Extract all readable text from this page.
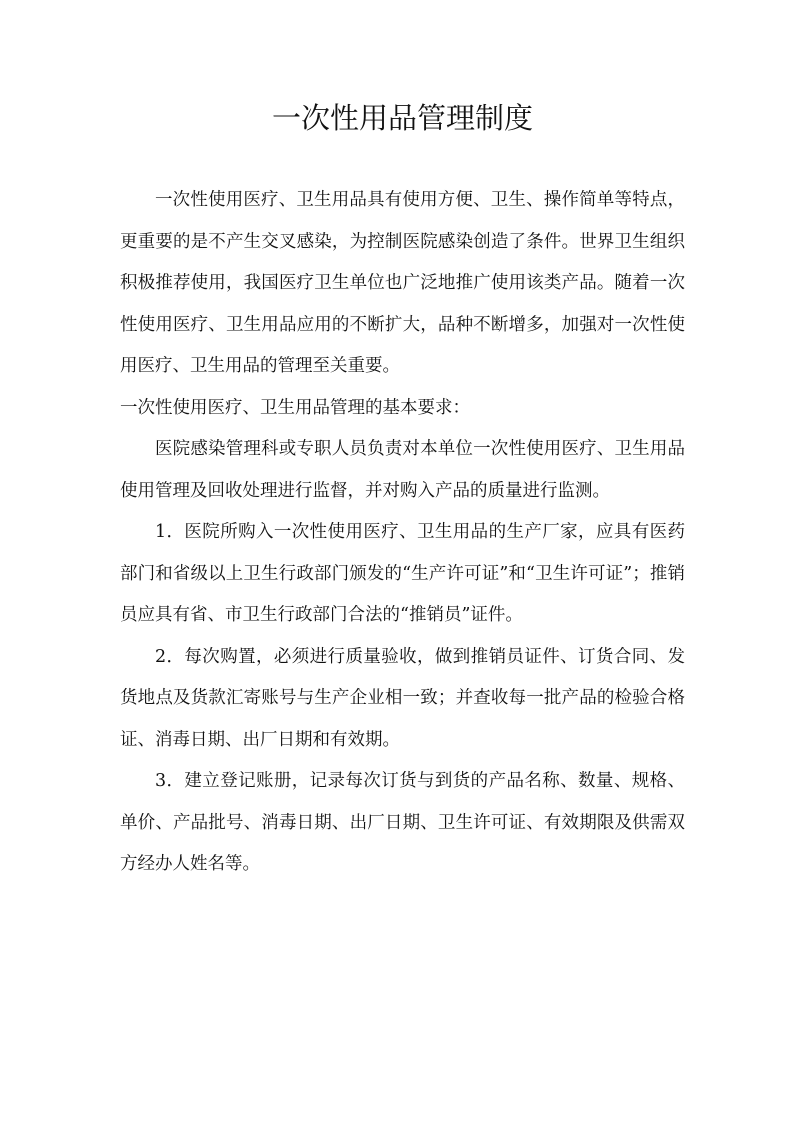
一次性用品管理制度

一次性使用医疗、卫生用品具有使用方便、卫生、操作简单等特点，更重要的是不产生交叉感染，为控制医院感染创造了条件。世界卫生组织积极推荐使用，我国医疗卫生单位也广泛地推广使用该类产品。随着一次性使用医疗、卫生用品应用的不断扩大，品种不断增多，加强对一次性使用医疗、卫生用品的管理至关重要。

一次性使用医疗、卫生用品管理的基本要求：

医院感染管理科或专职人员负责对本单位一次性使用医疗、卫生用品使用管理及回收处理进行监督，并对购入产品的质量进行监测。

1．医院所购入一次性使用医疗、卫生用品的生产厂家，应具有医药部门和省级以上卫生行政部门颁发的“生产许可证”和“卫生许可证”；推销员应具有省、市卫生行政部门合法的“推销员”证件。

2．每次购置，必须进行质量验收，做到推销员证件、订货合同、发货地点及货款汇寄账号与生产企业相一致；并查收每一批产品的检验合格证、消毒日期、出厂日期和有效期。

3．建立登记账册，记录每次订货与到货的产品名称、数量、规格、单价、产品批号、消毒日期、出厂日期、卫生许可证、有效期限及供需双方经办人姓名等。
